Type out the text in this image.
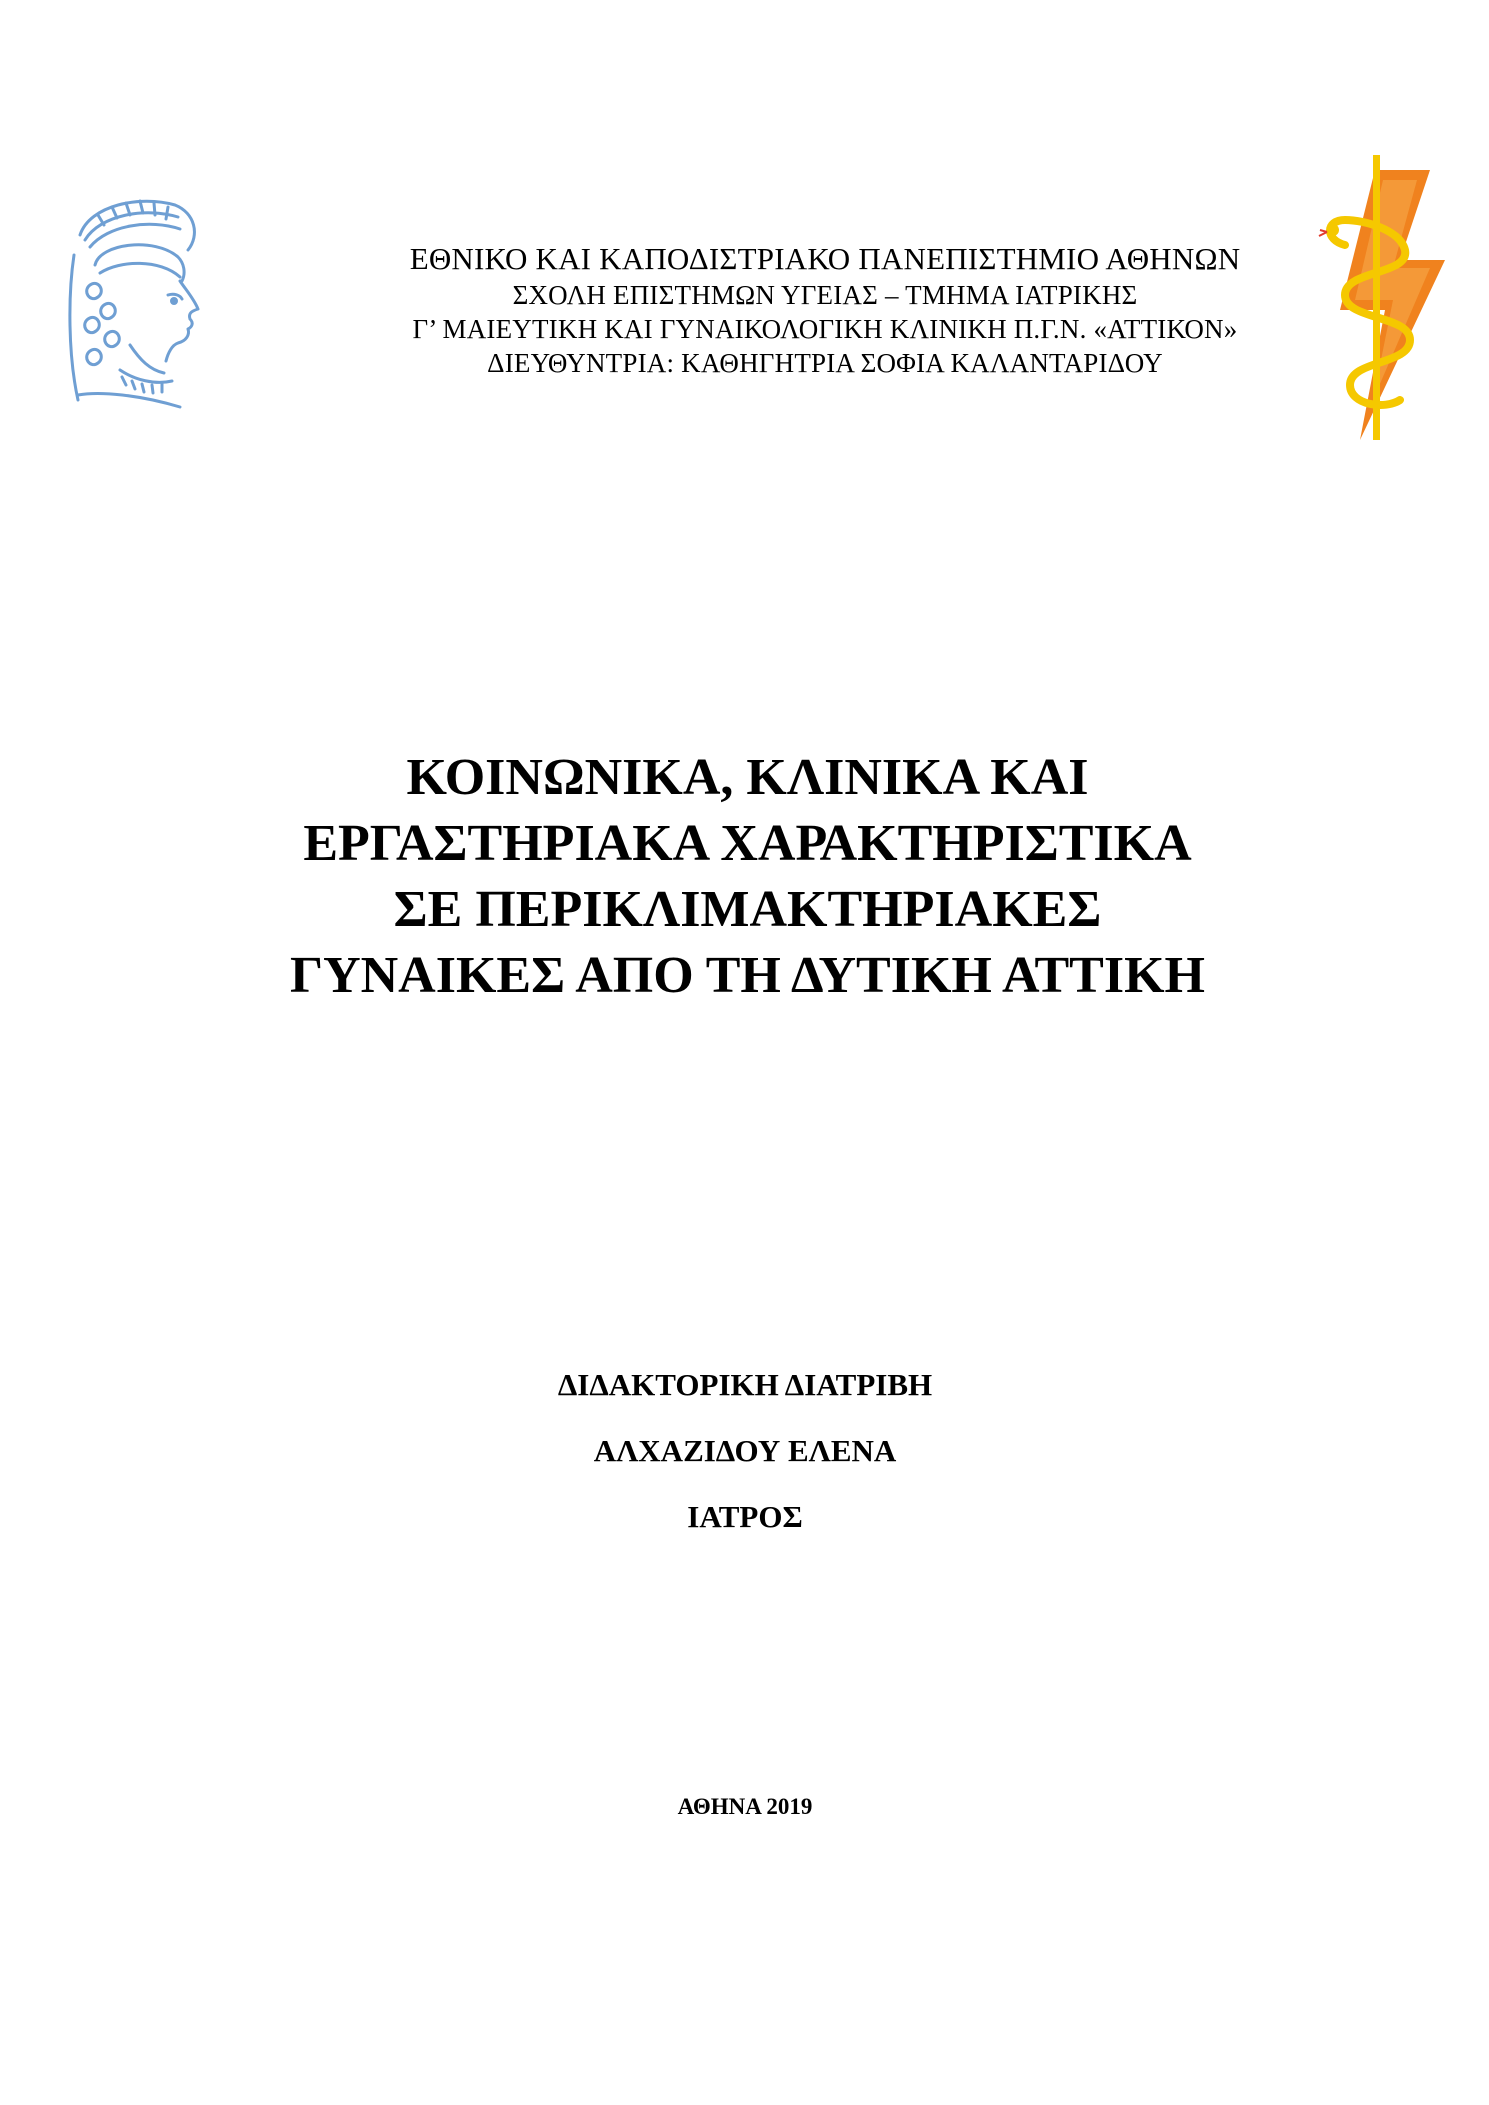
ΕΘΝΙΚΟ ΚΑΙ ΚΑΠΟΔΙΣΤΡΙΑΚΟ ΠΑΝΕΠΙΣΤΗΜΙΟ ΑΘΗΝΩΝ
ΣΧΟΛΗ ΕΠΙΣΤΗΜΩΝ ΥΓΕΙΑΣ – ΤΜΗΜΑ ΙΑΤΡΙΚΗΣ
Γ’ ΜΑΙΕΥΤΙΚΗ ΚΑΙ ΓΥΝΑΙΚΟΛΟΓΙΚΗ ΚΛΙΝΙΚΗ Π.Γ.Ν. «ΑΤΤΙΚΟΝ»
ΔΙΕΥΘΥΝΤΡΙΑ: ΚΑΘΗΓΗΤΡΙΑ ΣΟΦΙΑ ΚΑΛΑΝΤΑΡΙΔΟΥ
ΚΟΙΝΩΝΙΚΑ, ΚΛΙΝΙΚΑ ΚΑΙ
ΕΡΓΑΣΤΗΡΙΑΚΑ ΧΑΡΑΚΤΗΡΙΣΤΙΚΑ
ΣΕ ΠΕΡΙΚΛΙΜΑΚΤΗΡΙΑΚΕΣ
ΓΥΝΑΙΚΕΣ ΑΠΟ ΤΗ ΔΥΤΙΚΗ ΑΤΤΙΚΗ
ΔΙΔΑΚΤΟΡΙΚΗ ΔΙΑΤΡΙΒΗ
ΑΛΧΑΖΙΔΟΥ ΕΛΕΝΑ
ΙΑΤΡΟΣ
ΑΘΗΝΑ 2019
